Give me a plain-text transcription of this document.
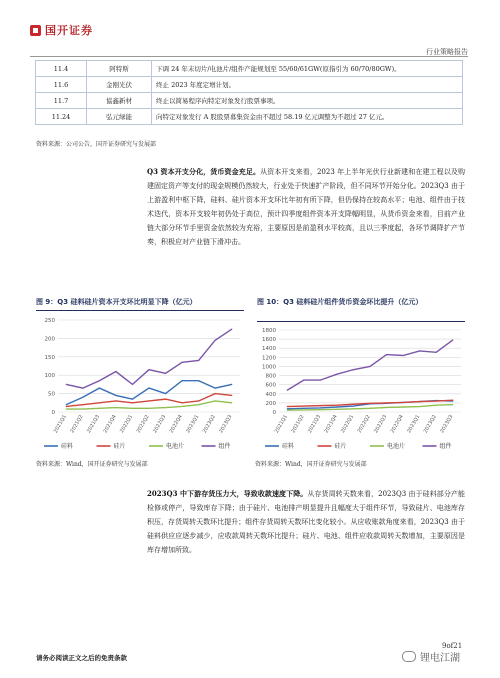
国开证券
行业策略报告
11.4	阿特斯	下调 24 年末切片/电池片/组件产能规划至 55/60/61GW(原指引为 60/70/80GW)。
11.6	金刚光伏	终止 2023 年度定增计划。
11.7	協鑫新材	终止以简易程序向特定对象发行股票事项。
11.24	弘元绿能	向特定对象发行 A 股股票募集资金由不超过 58.19 亿元调整为不超过 27 亿元。
资料来源：公司公告，国开证券研究与发展部
Q3 资本开支分化，货币资金充足。从资本开支来看，2023 年上半年光伏行业新建和在建工程以及购建固定资产等支付的现金规模仍然较大，行业处于快速扩产阶段，但不同环节开始分化。2023Q3 由于上游盈利中枢下降，硅料、硅片资本开支环比年初有所下降，但仍保持在较高水平；电池、组件由于技术迭代，资本开支较年初仍处于高位，预计四季度组件资本开支降幅明显，从货币资金来看，目前产业链大部分环节手里资金依然较为充裕，主要原因是前盈利水平较高，且以三季度起，各环节调降扩产节奏，积极应对产业链下滑冲击。
图 9：Q3 硅料硅片资本开支环比明显下降（亿元）
0
50
100
150
200
250
2021Q1 2021Q2 2021Q3 2021Q4 2022Q1 2022Q2 2022Q3 2022Q4 2023Q1 2023Q2 2023Q3
硅料	硅片	电池片	组件
资料来源：Wind，国开证券研究与发展部
图 10：Q3 硅料硅片组件货币资金环比提升（亿元）
0
200
400
600
800
1000
1200
1400
1600
1800
2021Q1 2021Q2 2021Q3 2021Q4 2022Q1 2022Q2 2022Q3 2022Q4 2023Q1 2023Q2 2023Q3
硅料	硅片	电池片	组件
资料来源：Wind，国开证券研究与发展部
2023Q3 中下游存货压力大，导致收款速度下降。从存货周转天数来看，2023Q3 由于硅料部分产能检修或停产，导致库存下降；由于硅片、电池排产明显提升且幅度大于组件环节，导致硅片、电池库存积压，存货周转天数环比提升；组件存货周转天数环比变化较小。从应收账款角度来看，2023Q3 由于硅料供应应逐步减少，应收款周转天数环比提升；硅片、电池、组件应收款周转天数增加，主要原因是库存增加所致。
9of21
请务必阅读正文之后的免责条款	锂电江湖
